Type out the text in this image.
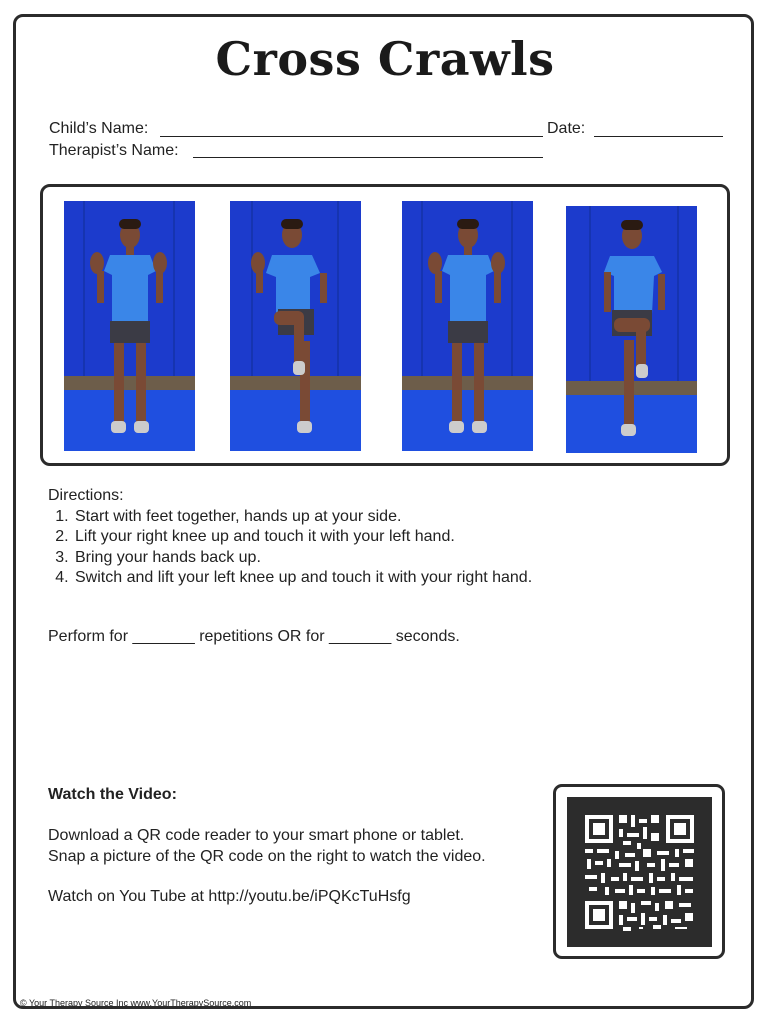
Cross Crawls
Child’s Name:	Date:
Therapist’s Name:
Directions:
1. Start with feet together, hands up at your side.
2. Lift your right knee up and touch it with your left hand.
3. Bring your hands back up.
4. Switch and lift your left knee up and touch it with your right hand.
Perform for _______ repetitions OR for _______ seconds.
Watch the Video:
Download a QR code reader to your smart phone or tablet.
Snap a picture of the QR code on the right to watch the video.
Watch on You Tube at http://youtu.be/iPQKcTuHsfg
© Your Therapy Source Inc www.YourTherapySource.com
